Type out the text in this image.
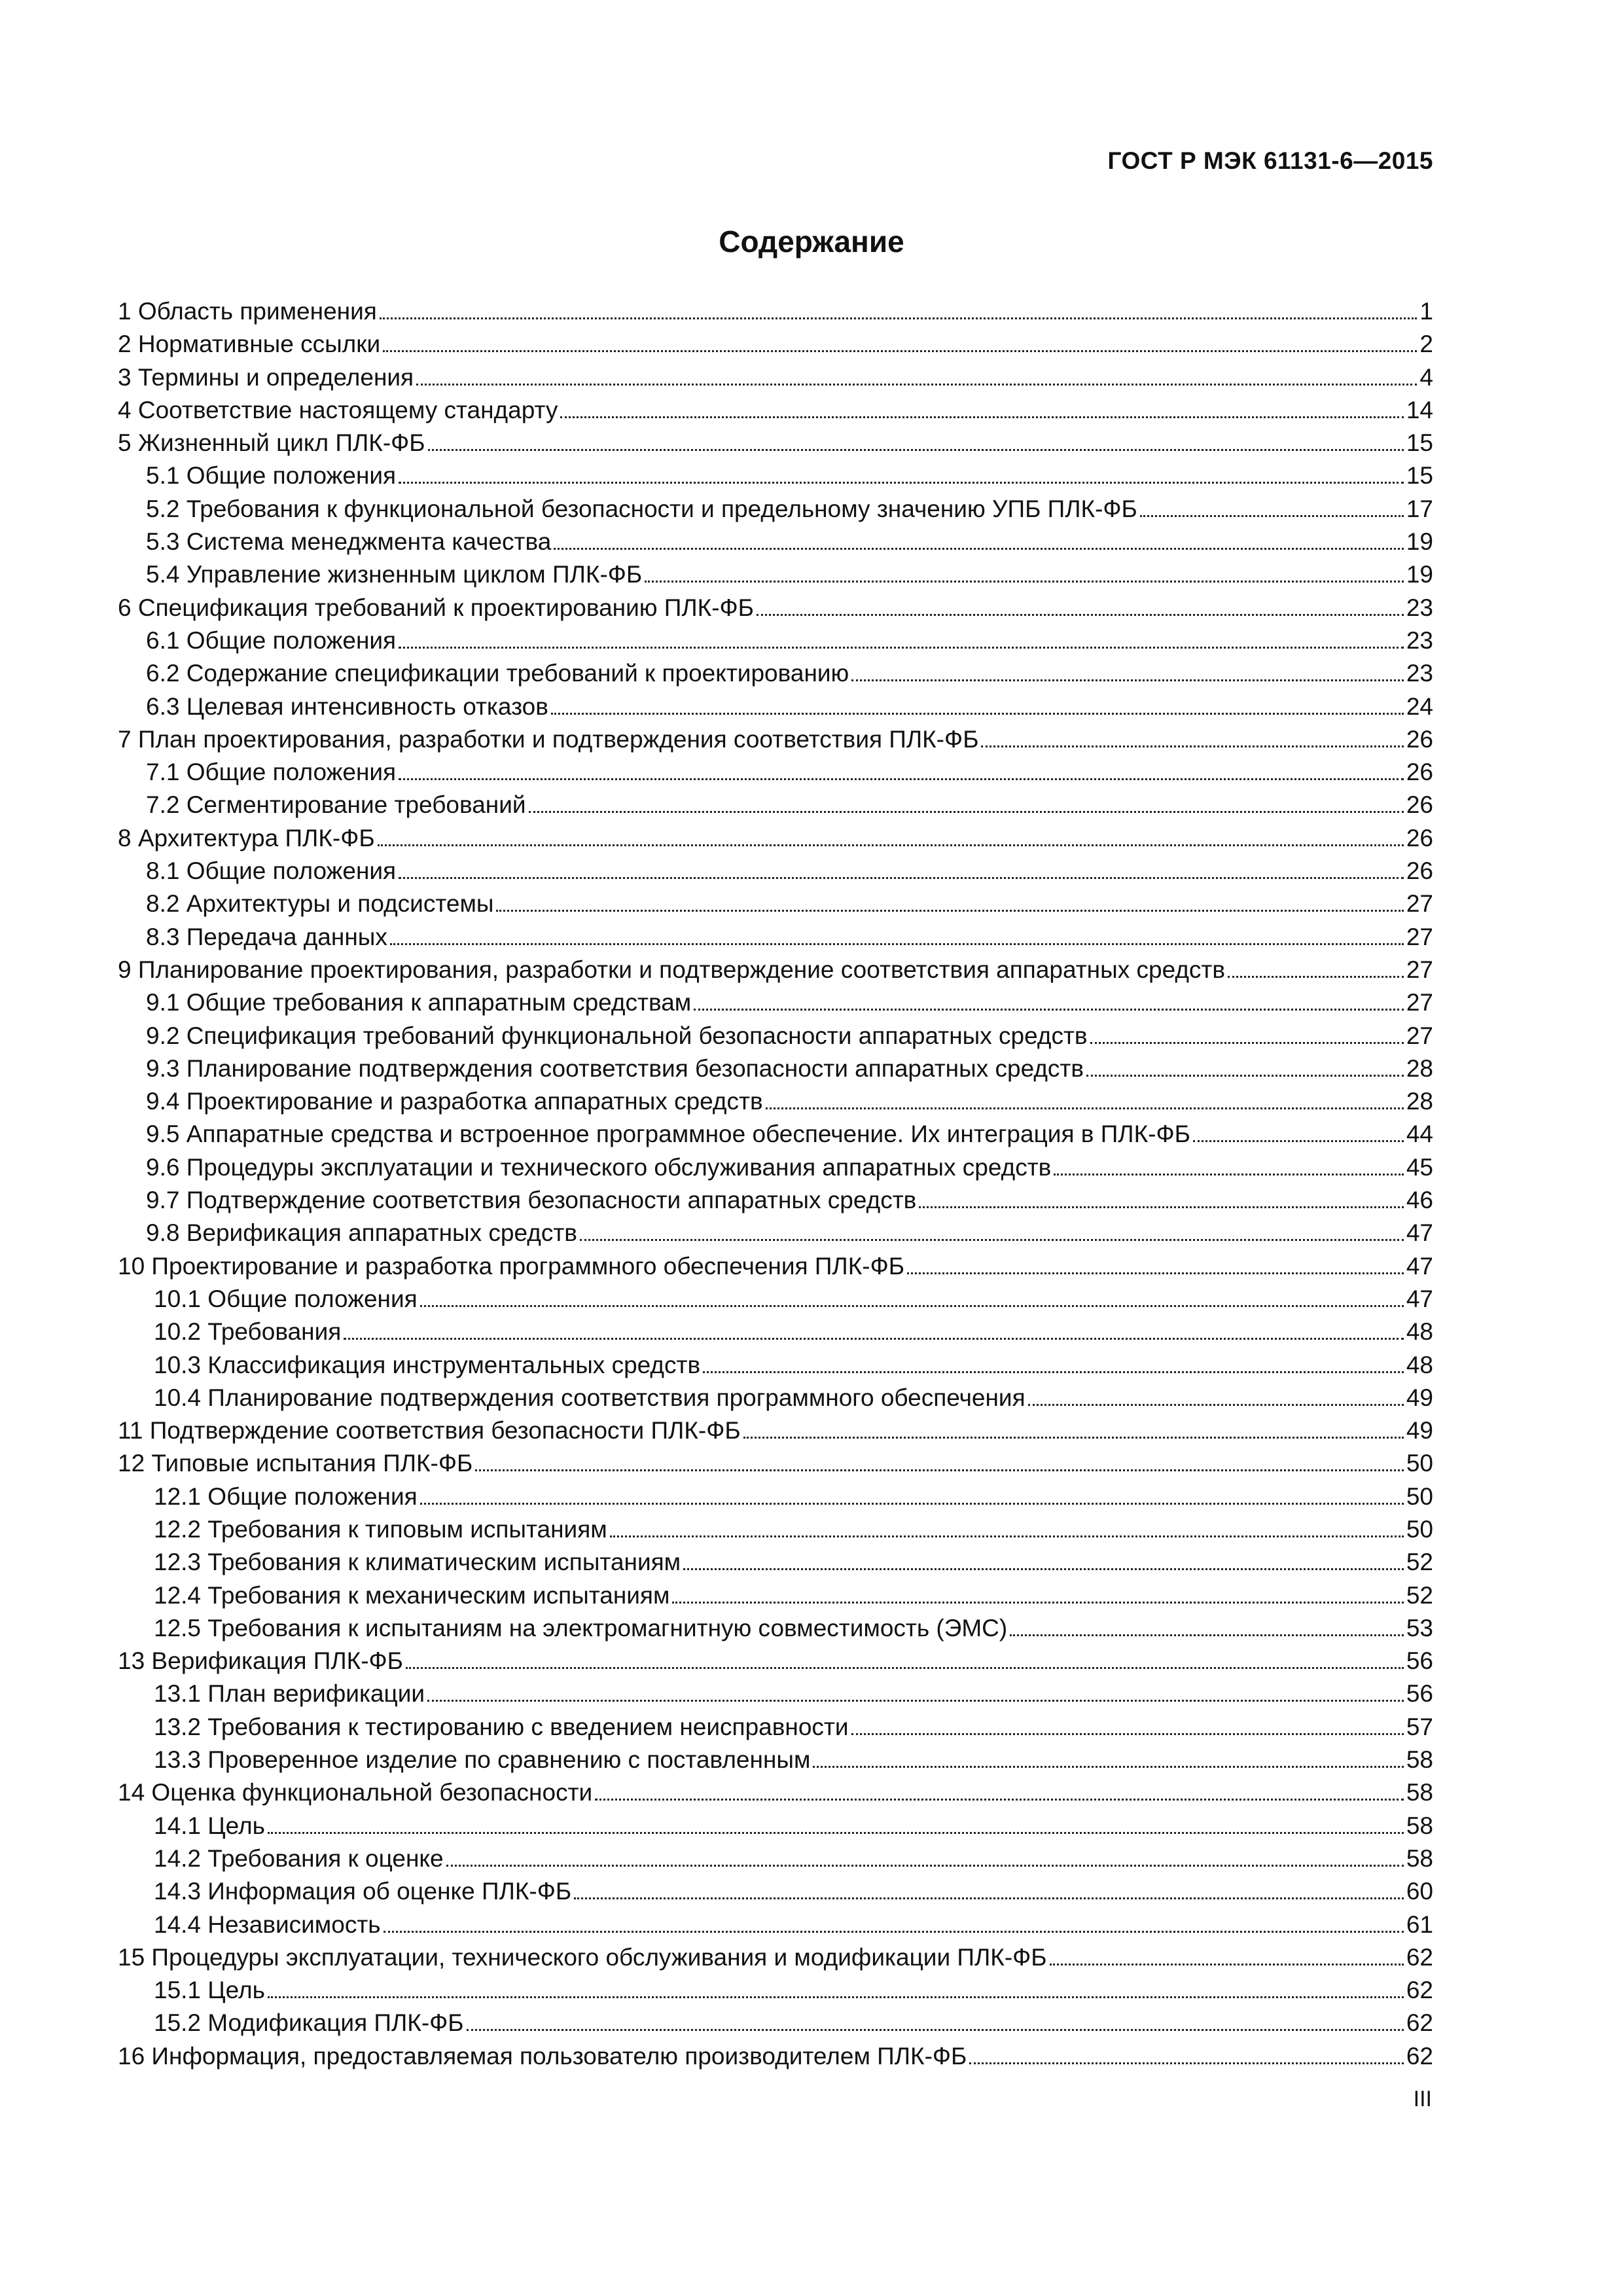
ГОСТ Р МЭК 61131-6—2015
Содержание
1 Область применения	1
2 Нормативные ссылки	2
3 Термины и определения	4
4 Соответствие настоящему стандарту	14
5 Жизненный цикл ПЛК-ФБ	15
5.1 Общие положения	15
5.2 Требования к функциональной безопасности и предельному значению УПБ ПЛК-ФБ	17
5.3 Система менеджмента качества	19
5.4 Управление жизненным циклом ПЛК-ФБ	19
6 Спецификация требований к проектированию ПЛК-ФБ	23
6.1 Общие положения	23
6.2 Содержание спецификации требований к проектированию	23
6.3 Целевая интенсивность отказов	24
7 План проектирования, разработки и подтверждения соответствия ПЛК-ФБ	26
7.1 Общие положения	26
7.2 Сегментирование требований	26
8 Архитектура ПЛК-ФБ	26
8.1 Общие положения	26
8.2 Архитектуры и подсистемы	27
8.3 Передача данных	27
9 Планирование проектирования, разработки и подтверждение соответствия аппаратных средств	27
9.1 Общие требования к аппаратным средствам	27
9.2 Спецификация требований функциональной безопасности аппаратных средств	27
9.3 Планирование подтверждения соответствия безопасности аппаратных средств	28
9.4 Проектирование и разработка аппаратных средств	28
9.5 Аппаратные средства и встроенное программное обеспечение. Их интеграция в ПЛК-ФБ	44
9.6 Процедуры эксплуатации и технического обслуживания аппаратных средств	45
9.7 Подтверждение соответствия безопасности аппаратных средств	46
9.8 Верификация аппаратных средств	47
10 Проектирование и разработка программного обеспечения ПЛК-ФБ	47
10.1 Общие положения	47
10.2 Требования	48
10.3 Классификация инструментальных средств	48
10.4 Планирование подтверждения соответствия программного обеспечения	49
11 Подтверждение соответствия безопасности ПЛК-ФБ	49
12 Типовые испытания ПЛК-ФБ	50
12.1 Общие положения	50
12.2 Требования к типовым испытаниям	50
12.3 Требования к климатическим испытаниям	52
12.4 Требования к механическим испытаниям	52
12.5 Требования к испытаниям на электромагнитную совместимость (ЭМС)	53
13 Верификация ПЛК-ФБ	56
13.1 План верификации	56
13.2 Требования к тестированию с введением неисправности	57
13.3 Проверенное изделие по сравнению с поставленным	58
14 Оценка функциональной безопасности	58
14.1 Цель	58
14.2 Требования к оценке	58
14.3 Информация об оценке ПЛК-ФБ	60
14.4 Независимость	61
15 Процедуры эксплуатации, технического обслуживания и модификации ПЛК-ФБ	62
15.1 Цель	62
15.2 Модификация ПЛК-ФБ	62
16 Информация, предоставляемая пользователю производителем ПЛК-ФБ	62
III
